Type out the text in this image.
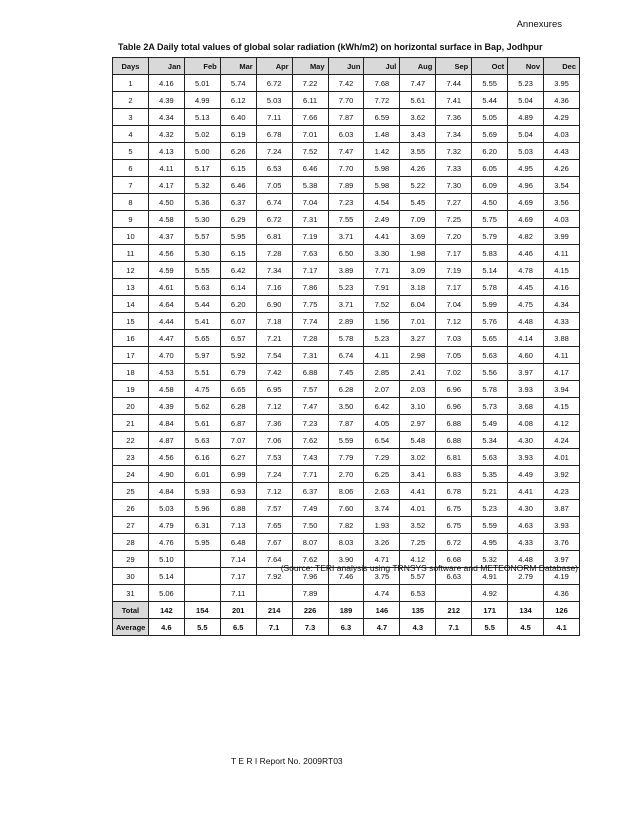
Annexures
Table 2A Daily total values of global solar radiation (kWh/m2) on horizontal surface in Bap, Jodhpur
Days	Jan	Feb	Mar	Apr	May	Jun	Jul	Aug	Sep	Oct	Nov	Dec
1	4.16	5.01	5.74	6.72	7.22	7.42	7.68	7.47	7.44	5.55	5.23	3.95
2	4.39	4.99	6.12	5.03	6.11	7.70	7.72	5.61	7.41	5.44	5.04	4.36
3	4.34	5.13	6.40	7.11	7.66	7.87	6.59	3.62	7.36	5.05	4.89	4.29
4	4.32	5.02	6.19	6.78	7.01	6.03	1.48	3.43	7.34	5.69	5.04	4.03
5	4.13	5.00	6.26	7.24	7.52	7.47	1.42	3.55	7.32	6.20	5.03	4.43
6	4.11	5.17	6.15	6.53	6.46	7.70	5.98	4.26	7.33	6.05	4.95	4.26
7	4.17	5.32	6.46	7.05	5.38	7.89	5.98	5.22	7.30	6.09	4.96	3.54
8	4.50	5.36	6.37	6.74	7.04	7.23	4.54	5.45	7.27	4.50	4.69	3.56
9	4.58	5.30	6.29	6.72	7.31	7.55	2.49	7.09	7.25	5.75	4.69	4.03
10	4.37	5.57	5.95	6.81	7.19	3.71	4.41	3.69	7.20	5.79	4.82	3.99
11	4.56	5.30	6.15	7.28	7.63	6.50	3.30	1.98	7.17	5.83	4.46	4.11
12	4.59	5.55	6.42	7.34	7.17	3.89	7.71	3.09	7.19	5.14	4.78	4.15
13	4.61	5.63	6.14	7.16	7.86	5.23	7.91	3.18	7.17	5.78	4.45	4.16
14	4.64	5.44	6.20	6.90	7.75	3.71	7.52	6.04	7.04	5.99	4.75	4.34
15	4.44	5.41	6.07	7.18	7.74	2.89	1.56	7.01	7.12	5.76	4.48	4.33
16	4.47	5.65	6.57	7.21	7.28	5.78	5.23	3.27	7.03	5.65	4.14	3.88
17	4.70	5.97	5.92	7.54	7.31	6.74	4.11	2.98	7.05	5.63	4.60	4.11
18	4.53	5.51	6.79	7.42	6.88	7.45	2.85	2.41	7.02	5.56	3.97	4.17
19	4.58	4.75	6.65	6.95	7.57	6.28	2.07	2.03	6.96	5.78	3.93	3.94
20	4.39	5.62	6.28	7.12	7.47	3.50	6.42	3.10	6.96	5.73	3.68	4.15
21	4.84	5.61	6.87	7.36	7.23	7.87	4.05	2.97	6.88	5.49	4.08	4.12
22	4.87	5.63	7.07	7.06	7.62	5.59	6.54	5.48	6.88	5.34	4.30	4.24
23	4.56	6.16	6.27	7.53	7.43	7.79	7.29	3.02	6.81	5.63	3.93	4.01
24	4.90	6.01	6.99	7.24	7.71	2.70	6.25	3.41	6.83	5.35	4.49	3.92
25	4.84	5.93	6.93	7.12	6.37	8.06	2.63	4.41	6.78	5.21	4.41	4.23
26	5.03	5.96	6.88	7.57	7.49	7.60	3.74	4.01	6.75	5.23	4.30	3.87
27	4.79	6.31	7.13	7.65	7.50	7.82	1.93	3.52	6.75	5.59	4.63	3.93
28	4.76	5.95	6.48	7.67	8.07	8.03	3.26	7.25	6.72	4.95	4.33	3.76
29	5.10		7.14	7.64	7.62	3.90	4.71	4.12	6.68	5.32	4.48	3.97
30	5.14		7.17	7.92	7.96	7.46	3.75	5.57	6.63	4.91	2.79	4.19
31	5.06		7.11		7.89		4.74	6.53		4.92		4.36
Total	142	154	201	214	226	189	146	135	212	171	134	126
Average	4.6	5.5	6.5	7.1	7.3	6.3	4.7	4.3	7.1	5.5	4.5	4.1
(Source: TERI analysis using TRNSYS software and METEONORM Database)
T E R I Report No. 2009RT03
